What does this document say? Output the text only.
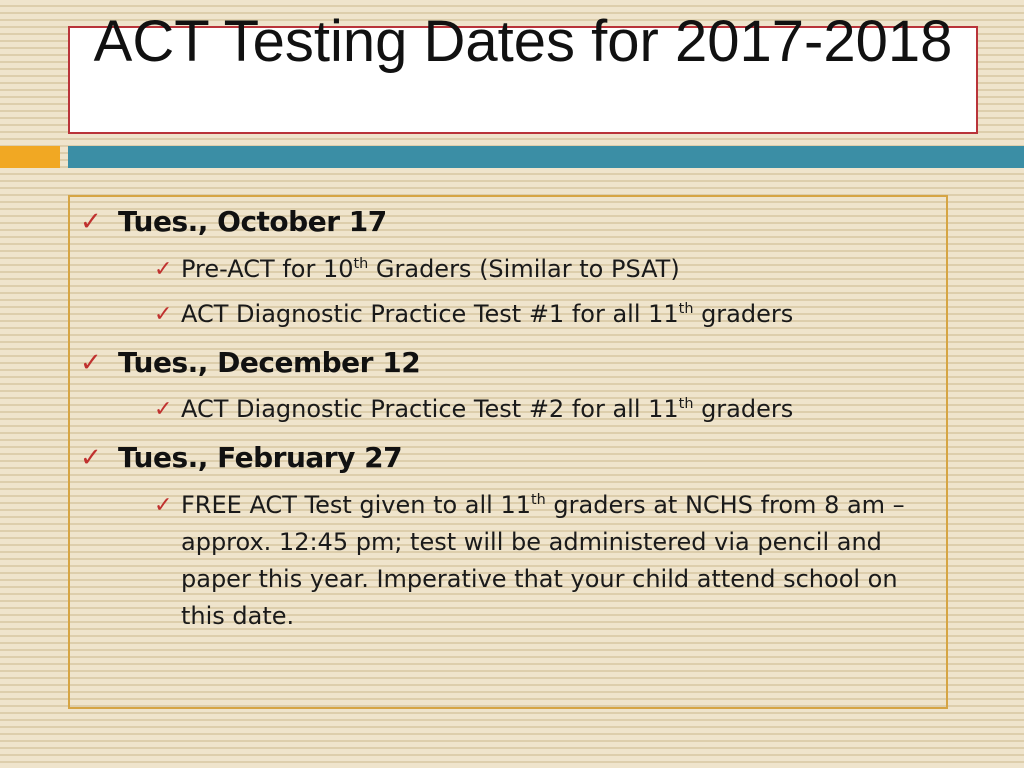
ACT Testing Dates for 2017-2018
✓ Tues., October 17
✓ Pre-ACT for 10th Graders (Similar to PSAT)
✓ ACT Diagnostic Practice Test #1 for all 11th graders
✓ Tues., December 12
✓ ACT Diagnostic Practice Test #2 for all 11th graders
✓ Tues., February 27
✓ FREE ACT Test given to all 11th graders at NCHS from 8 am – approx. 12:45 pm; test will be administered via pencil and paper this year. Imperative that your child attend school on this date.
